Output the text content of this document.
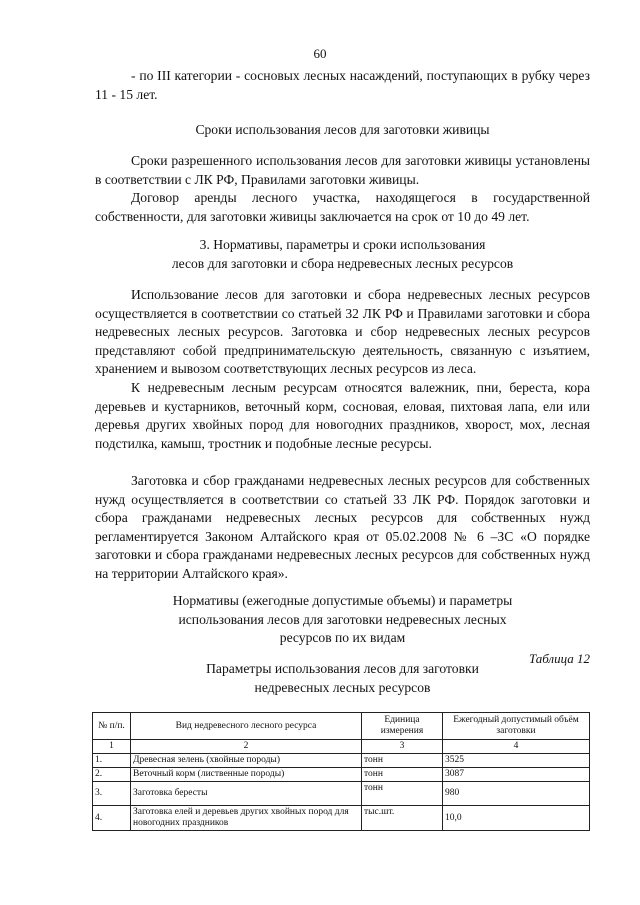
60

- по III категории - сосновых лесных насаждений, поступающих в рубку через 11 - 15 лет.

Сроки использования лесов для заготовки живицы

Сроки разрешенного использования лесов для заготовки живицы установлены в соответствии с ЛК РФ, Правилами заготовки живицы.

Договор аренды лесного участка, находящегося в государственной собственности, для заготовки живицы заключается на срок от 10 до 49 лет.

3. Нормативы, параметры и сроки использования
лесов для заготовки и сбора недревесных лесных ресурсов

Использование лесов для заготовки и сбора недревесных лесных ресурсов осуществляется в соответствии со статьей 32 ЛК РФ и Правилами заготовки и сбора недревесных лесных ресурсов. Заготовка и сбор недревесных лесных ресурсов представляют собой предпринимательскую деятельность, связанную с изъятием, хранением и вывозом соответствующих лесных ресурсов из леса.

К недревесным лесным ресурсам относятся валежник, пни, береста, кора деревьев и кустарников, веточный корм, сосновая, еловая, пихтовая лапа, ели или деревья других хвойных пород для новогодних праздников, хворост, мох, лесная подстилка, камыш, тростник и подобные лесные ресурсы.

Заготовка и сбор гражданами недревесных лесных ресурсов для собственных нужд осуществляется в соответствии со статьей 33 ЛК РФ. Порядок заготовки и сбора гражданами недревесных лесных ресурсов для собственных нужд регламентируется Законом Алтайского края от 05.02.2008 № 6 –ЗС «О порядке заготовки и сбора гражданами недревесных лесных ресурсов для собственных нужд на территории Алтайского края».

Нормативы (ежегодные допустимые объемы) и параметры
использования лесов для заготовки недревесных лесных
ресурсов по их видам
Таблица 12
Параметры использования лесов для заготовки
недревесных лесных ресурсов
№ п/п.	Вид недревесного лесного ресурса	Единица измерения	Ежегодный допустимый объём заготовки
1	2	3	4
1.	Древесная зелень (хвойные породы)	тонн	3525
2.	Веточный корм (лиственные породы)	тонн	3087
3.	Заготовка бересты	тонн	980
4.	Заготовка елей и деревьев других хвойных пород для новогодних праздников	тыс.шт.	10,0
